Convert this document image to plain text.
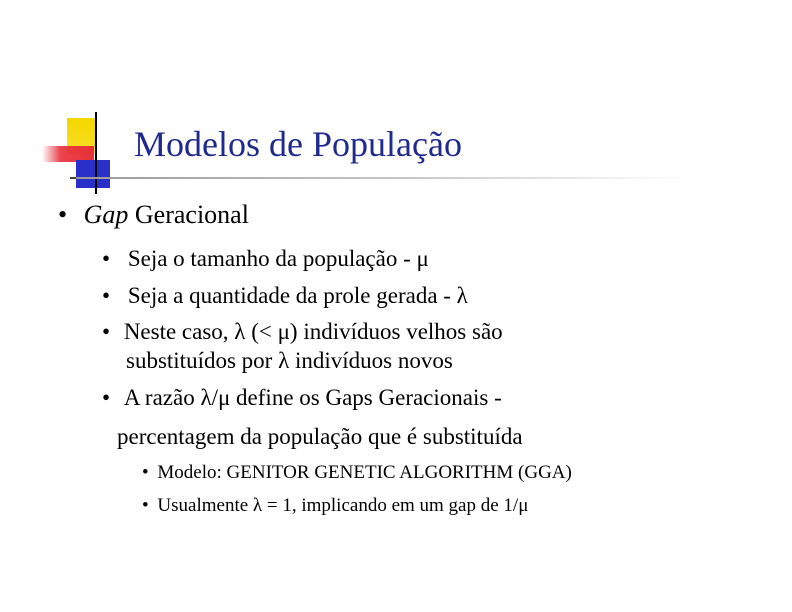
Modelos de População
• Gap Geracional
• Seja o tamanho da população - μ
• Seja a quantidade da prole gerada - λ
• Neste caso, λ (< μ) indivíduos velhos são
substituídos por λ indivíduos novos
• A razão λ/μ define os Gaps Geracionais -
percentagem da população que é substituída
• Modelo: GENITOR GENETIC ALGORITHM (GGA)
• Usualmente λ = 1, implicando em um gap de 1/μ
